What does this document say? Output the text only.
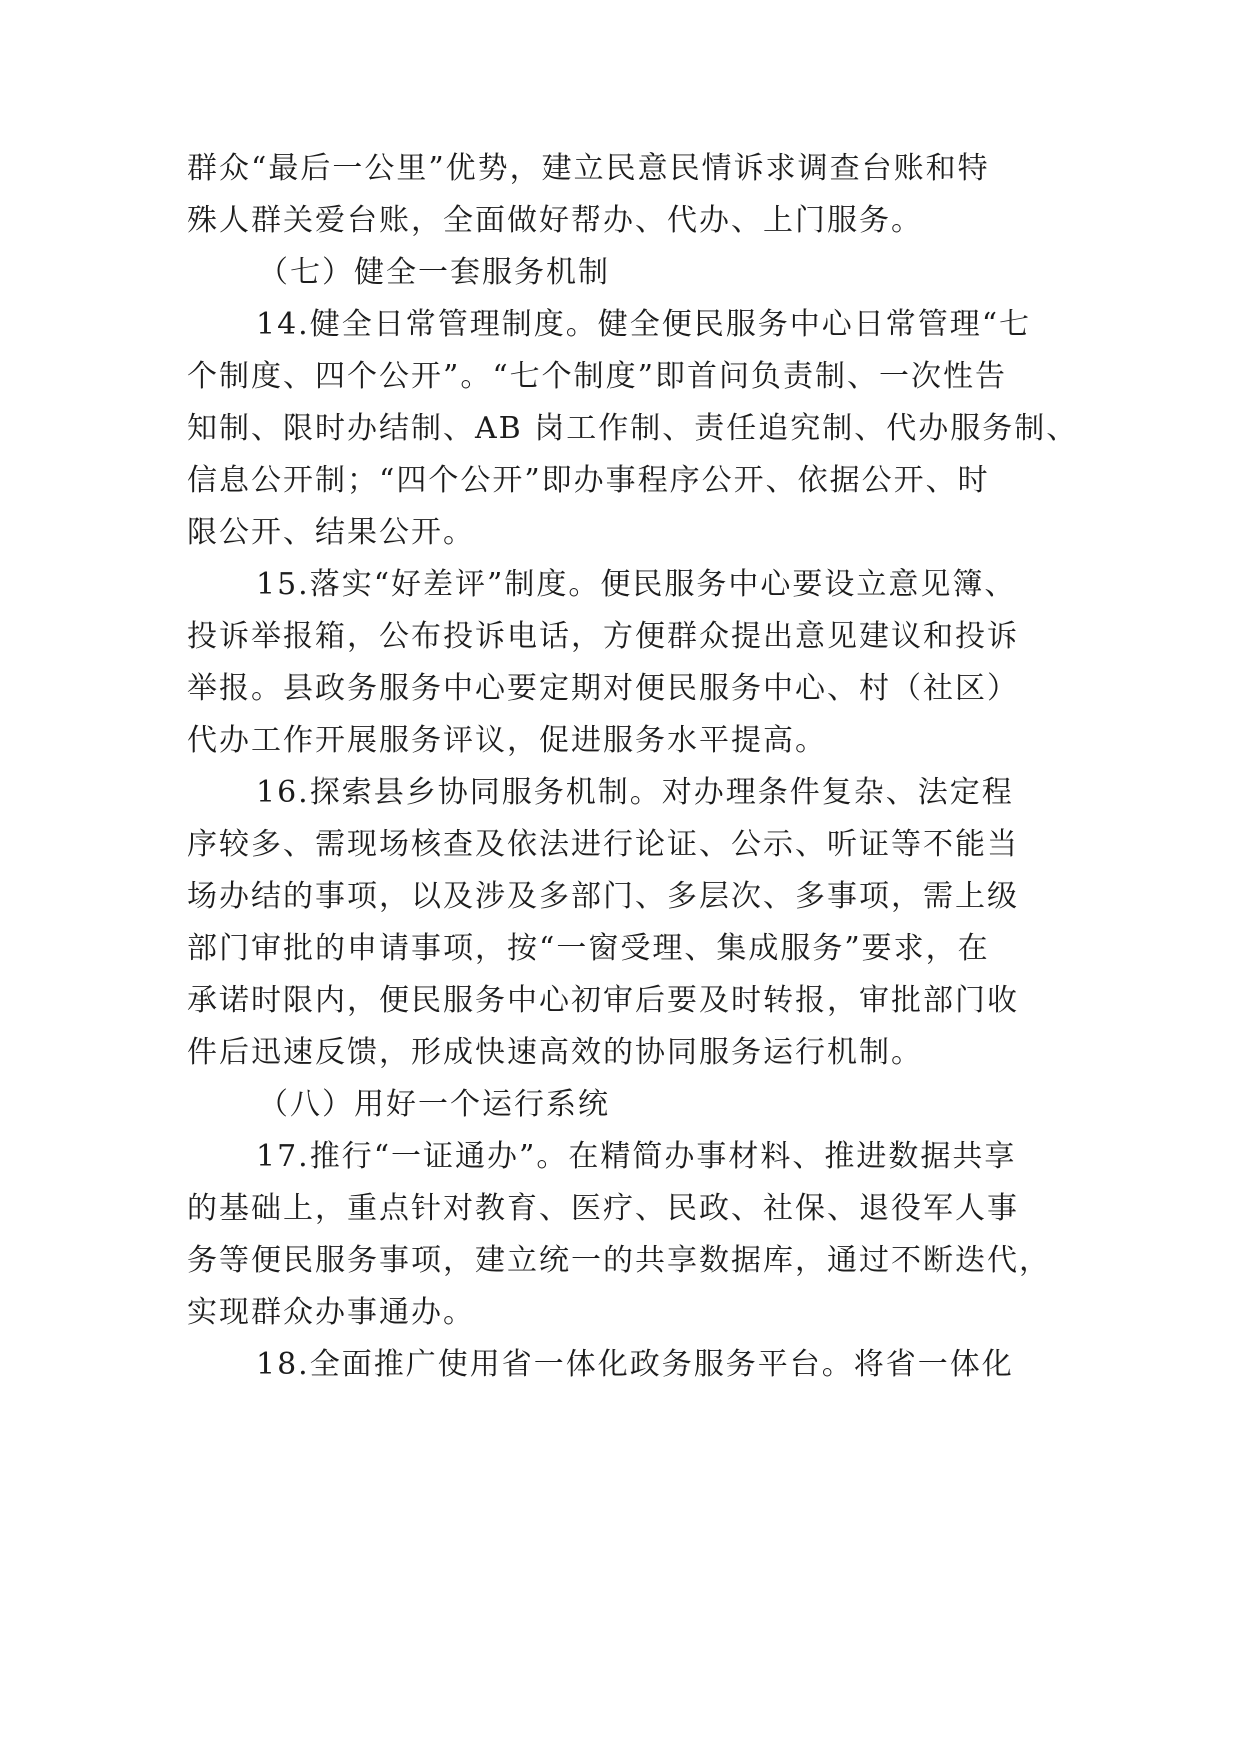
群众“最后一公里”优势，建立民意民情诉求调查台账和特
殊人群关爱台账，全面做好帮办、代办、上门服务。
（七）健全一套服务机制
14.健全日常管理制度。健全便民服务中心日常管理“七
个制度、四个公开”。“七个制度”即首问负责制、一次性告
知制、限时办结制、AB 岗工作制、责任追究制、代办服务制、
信息公开制；“四个公开”即办事程序公开、依据公开、时
限公开、结果公开。
15.落实“好差评”制度。便民服务中心要设立意见簿、
投诉举报箱，公布投诉电话，方便群众提出意见建议和投诉
举报。县政务服务中心要定期对便民服务中心、村（社区）
代办工作开展服务评议，促进服务水平提高。
16.探索县乡协同服务机制。对办理条件复杂、法定程
序较多、需现场核查及依法进行论证、公示、听证等不能当
场办结的事项，以及涉及多部门、多层次、多事项，需上级
部门审批的申请事项，按“一窗受理、集成服务”要求，在
承诺时限内，便民服务中心初审后要及时转报，审批部门收
件后迅速反馈，形成快速高效的协同服务运行机制。
（八）用好一个运行系统
17.推行“一证通办”。在精简办事材料、推进数据共享
的基础上，重点针对教育、医疗、民政、社保、退役军人事
务等便民服务事项，建立统一的共享数据库，通过不断迭代，
实现群众办事通办。
18.全面推广使用省一体化政务服务平台。将省一体化
